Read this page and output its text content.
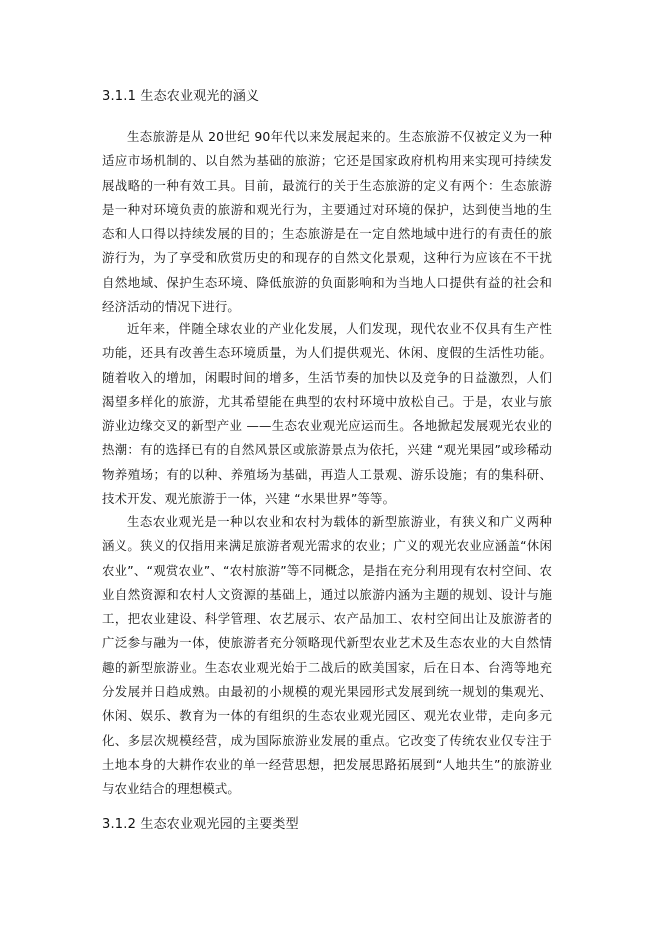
3.1.1 生态农业观光的涵义
生态旅游是从 20世纪 90年代以来发展起来的。生态旅游不仅被定义为一种适应市场机制的、以自然为基础的旅游；它还是国家政府机构用来实现可持续发展战略的一种有效工具。目前，最流行的关于生态旅游的定义有两个：生态旅游是一种对环境负责的旅游和观光行为，主要通过对环境的保护，达到使当地的生态和人口得以持续发展的目的；生态旅游是在一定自然地域中进行的有责任的旅游行为，为了享受和欣赏历史的和现存的自然文化景观，这种行为应该在不干扰自然地域、保护生态环境、降低旅游的负面影响和为当地人口提供有益的社会和经济活动的情况下进行。
近年来，伴随全球农业的产业化发展，人们发现，现代农业不仅具有生产性功能，还具有改善生态环境质量，为人们提供观光、休闲、度假的生活性功能。随着收入的增加，闲暇时间的增多，生活节奏的加快以及竞争的日益激烈，人们渴望多样化的旅游，尤其希望能在典型的农村环境中放松自己。于是，农业与旅游业边缘交叉的新型产业 ——生态农业观光应运而生。各地掀起发展观光农业的热潮：有的选择已有的自然风景区或旅游景点为依托，兴建 “观光果园”或珍稀动物养殖场；有的以种、养殖场为基础，再造人工景观、游乐设施；有的集科研、技术开发、观光旅游于一体，兴建 “水果世界”等等。
生态农业观光是一种以农业和农村为载体的新型旅游业，有狭义和广义两种涵义。狭义的仅指用来满足旅游者观光需求的农业；广义的观光农业应涵盖“休闲农业”、“观赏农业”、“农村旅游”等不同概念，是指在充分利用现有农村空间、农业自然资源和农村人文资源的基础上，通过以旅游内涵为主题的规划、设计与施工，把农业建设、科学管理、农艺展示、农产品加工、农村空间出让及旅游者的广泛参与融为一体，使旅游者充分领略现代新型农业艺术及生态农业的大自然情趣的新型旅游业。生态农业观光始于二战后的欧美国家，后在日本、台湾等地充分发展并日趋成熟。由最初的小规模的观光果园形式发展到统一规划的集观光、休闲、娱乐、教育为一体的有组织的生态农业观光园区、观光农业带，走向多元化、多层次规模经营，成为国际旅游业发展的重点。它改变了传统农业仅专注于土地本身的大耕作农业的单一经营思想，把发展思路拓展到“人地共生”的旅游业与农业结合的理想模式。
3.1.2 生态农业观光园的主要类型
